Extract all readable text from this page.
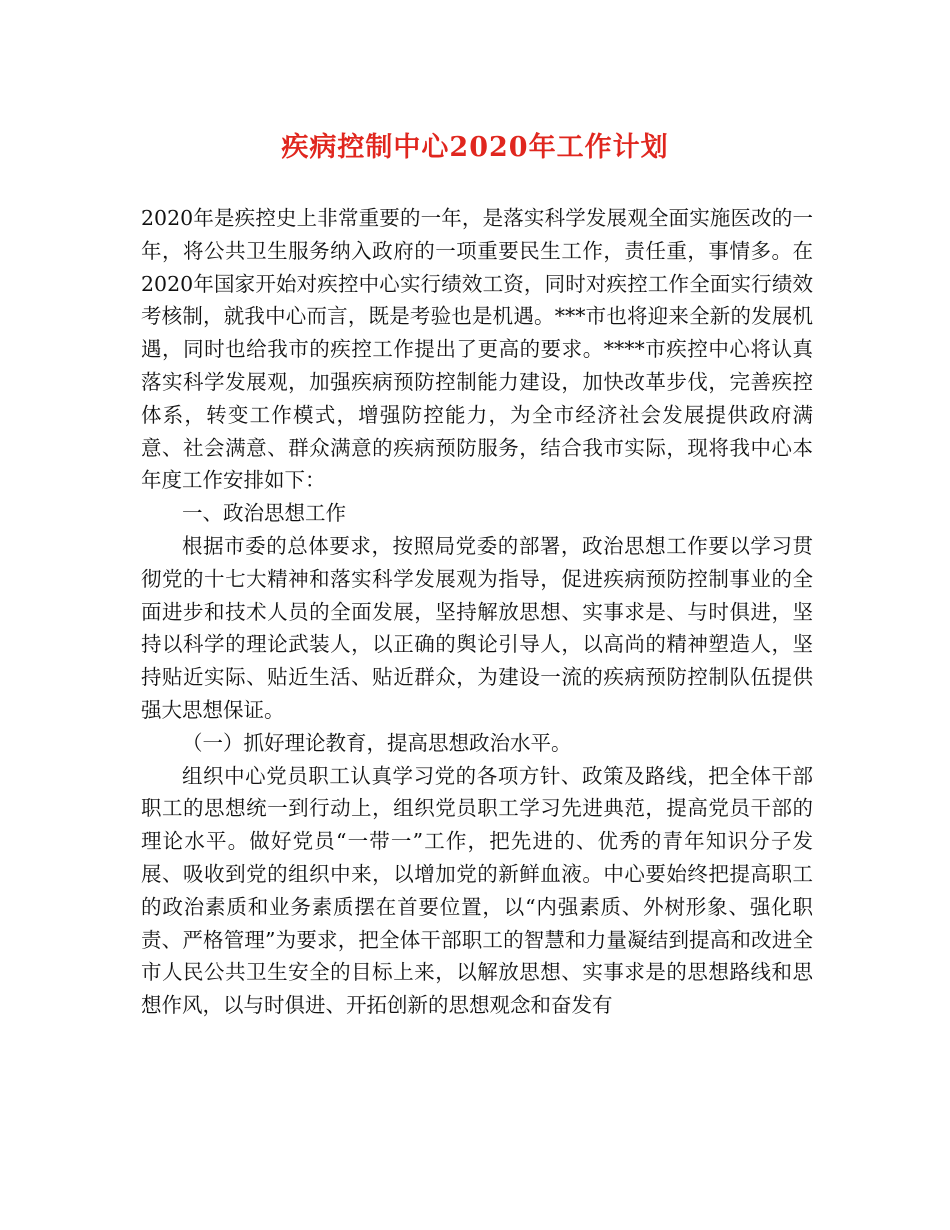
疾病控制中心2020年工作计划

2020年是疾控史上非常重要的一年，是落实科学发展观全面实施医改的一年，将公共卫生服务纳入政府的一项重要民生工作，责任重，事情多。在2020年国家开始对疾控中心实行绩效工资，同时对疾控工作全面实行绩效考核制，就我中心而言，既是考验也是机遇。***市也将迎来全新的发展机遇，同时也给我市的疾控工作提出了更高的要求。****市疾控中心将认真落实科学发展观，加强疾病预防控制能力建设，加快改革步伐，完善疾控体系，转变工作模式，增强防控能力，为全市经济社会发展提供政府满意、社会满意、群众满意的疾病预防服务，结合我市实际，现将我中心本年度工作安排如下：

一、政治思想工作

根据市委的总体要求，按照局党委的部署，政治思想工作要以学习贯彻党的十七大精神和落实科学发展观为指导，促进疾病预防控制事业的全面进步和技术人员的全面发展，坚持解放思想、实事求是、与时俱进，坚持以科学的理论武装人，以正确的舆论引导人，以高尚的精神塑造人，坚持贴近实际、贴近生活、贴近群众，为建设一流的疾病预防控制队伍提供强大思想保证。

（一）抓好理论教育，提高思想政治水平。

组织中心党员职工认真学习党的各项方针、政策及路线，把全体干部职工的思想统一到行动上，组织党员职工学习先进典范，提高党员干部的理论水平。做好党员“一带一”工作，把先进的、优秀的青年知识分子发展、吸收到党的组织中来，以增加党的新鲜血液。中心要始终把提高职工的政治素质和业务素质摆在首要位置，以“内强素质、外树形象、强化职责、严格管理”为要求，把全体干部职工的智慧和力量凝结到提高和改进全市人民公共卫生安全的目标上来，以解放思想、实事求是的思想路线和思想作风，以与时俱进、开拓创新的思想观念和奋发有
